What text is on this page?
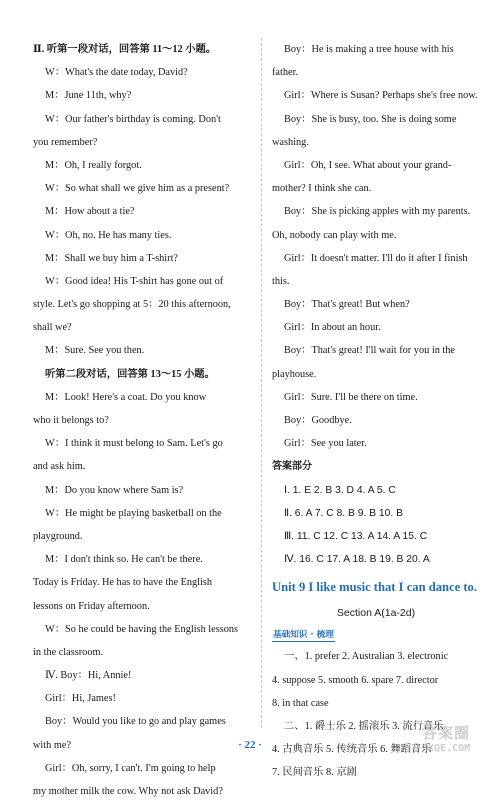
Ⅱ. 听第一段对话，回答第 11～12 小题。
W：What's the date today, David?
M：June 11th, why?
W：Our father's birthday is coming. Don't
you remember?
M：Oh, I really forgot.
W：So what shall we give him as a present?
M：How about a tie?
W：Oh, no. He has many ties.
M：Shall we buy him a T-shirt?
W：Good idea! His T-shirt has gone out of
style. Let's go shopping at 5：20 this afternoon,
shall we?
M：Sure. See you then.
听第二段对话，回答第 13～15 小题。
M：Look! Here's a coat. Do you know
who it belongs to?
W：I think it must belong to Sam. Let's go
and ask him.
M：Do you know where Sam is?
W：He might be playing basketball on the
playground.
M：I don't think so. He can't be there.
Today is Friday. He has to have the English
lessons on Friday afternoon.
W：So he could be having the English lessons
in the classroom.
Ⅳ. Boy：Hi, Annie!
Girl：Hi, James!
Boy：Would you like to go and play games
with me?
Girl：Oh, sorry, I can't. I'm going to help
my mother milk the cow. Why not ask David?
Boy：He is making a tree house with his
father.
Girl：Where is Susan? Perhaps she's free now.
Boy：She is busy, too. She is doing some
washing.
Girl：Oh, I see. What about your grand-
mother? I think she can.
Boy：She is picking apples with my parents.
Oh, nobody can play with me.
Girl：It doesn't matter. I'll do it after I finish
this.
Boy：That's great! But when?
Girl：In about an hour.
Boy：That's great! I'll wait for you in the
playhouse.
Girl：Sure. I'll be there on time.
Boy：Goodbye.
Girl：See you later.
答案部分
Ⅰ. 1. E 2. B 3. D 4. A 5. C
Ⅱ. 6. A 7. C 8. B 9. B 10. B
Ⅲ. 11. C 12. C 13. A 14. A 15. C
Ⅳ. 16. C 17. A 18. B 19. B 20. A
Unit 9 I like music that I can dance to.
Section A(1a-2d)
基础知识 · 梳理
一、1. prefer 2. Australian 3. electronic
4. suppose 5. smooth 6. spare 7. director
8. in that case
二、1. 爵士乐 2. 摇滚乐 3. 流行音乐
4. 古典音乐 5. 传统音乐 6. 舞蹈音乐
7. 民间音乐 8. 京剧
· 22 ·
答案圈
MXQE.COM
